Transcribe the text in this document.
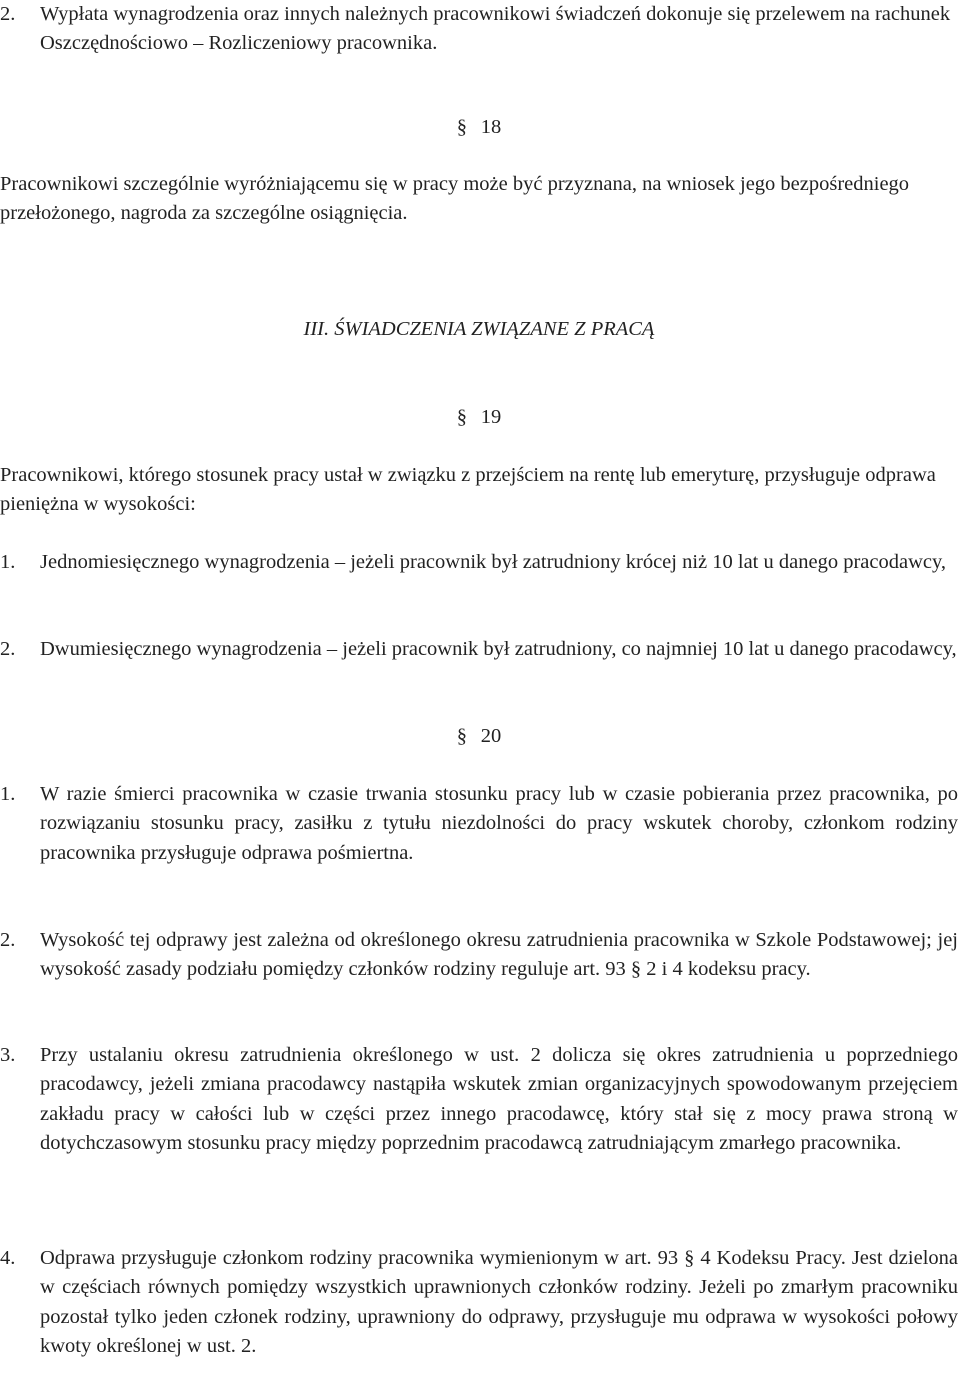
2.	Wypłata wynagrodzenia oraz innych należnych pracownikowi świadczeń dokonuje się przelewem na rachunek Oszczędnościowo – Rozliczeniowy pracownika.
§ 18
Pracownikowi szczególnie wyróżniającemu się w pracy może być przyznana, na wniosek jego bezpośredniego przełożonego, nagroda za szczególne osiągnięcia.
III. ŚWIADCZENIA ZWIĄZANE Z PRACĄ
§ 19
Pracownikowi, którego stosunek pracy ustał w związku z przejściem na rentę lub emeryturę, przysługuje odprawa pieniężna w wysokości:
1.	Jednomiesięcznego wynagrodzenia – jeżeli pracownik był zatrudniony krócej niż 10 lat u danego pracodawcy,
2.	Dwumiesięcznego wynagrodzenia – jeżeli pracownik był zatrudniony, co najmniej 10 lat u danego pracodawcy,
§ 20
1.	W razie śmierci pracownika w czasie trwania stosunku pracy lub w czasie pobierania przez pracownika, po rozwiązaniu stosunku pracy, zasiłku z tytułu niezdolności do pracy wskutek choroby, członkom rodziny pracownika przysługuje odprawa pośmiertna.
2.	Wysokość tej odprawy jest zależna od określonego okresu zatrudnienia pracownika w Szkole Podstawowej; jej wysokość zasady podziału pomiędzy członków rodziny reguluje art. 93 § 2 i 4 kodeksu pracy.
3.	Przy ustalaniu okresu zatrudnienia określonego w ust. 2 dolicza się okres zatrudnienia u poprzedniego pracodawcy, jeżeli zmiana pracodawcy nastąpiła wskutek zmian organizacyjnych spowodowanym przejęciem zakładu pracy w całości lub w części przez innego pracodawcę, który stał się z mocy prawa stroną w dotychczasowym stosunku pracy między poprzednim pracodawcą zatrudniającym zmarłego pracownika.
4.	Odprawa przysługuje członkom rodziny pracownika wymienionym w art. 93 § 4 Kodeksu Pracy. Jest dzielona w częściach równych pomiędzy wszystkich uprawnionych członków rodziny. Jeżeli po zmarłym pracowniku pozostał tylko jeden członek rodziny, uprawniony do odprawy, przysługuje mu odprawa w wysokości połowy kwoty określonej w ust. 2.
